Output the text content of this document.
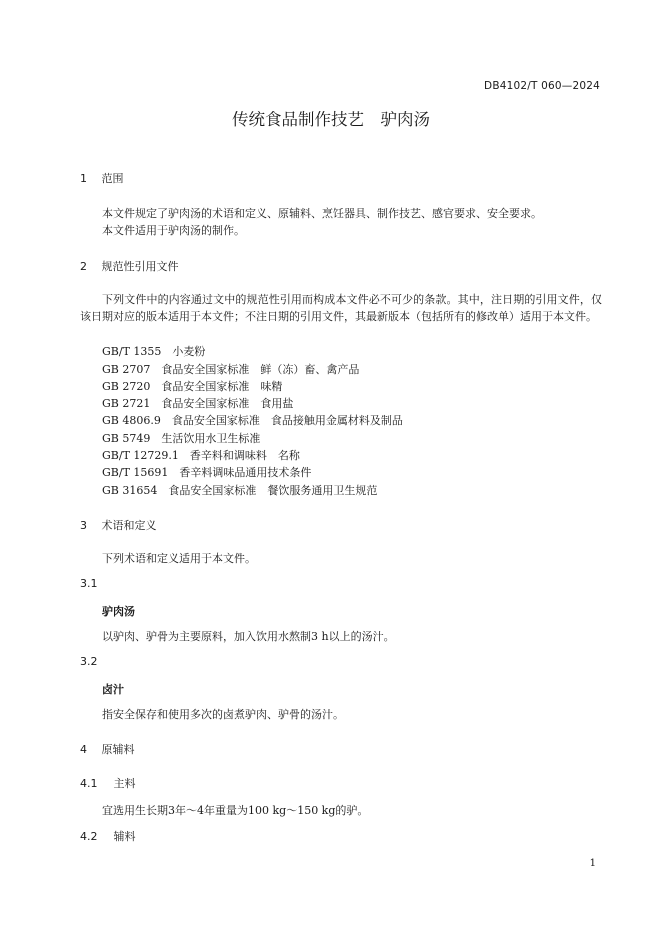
DB4102/T 060—2024
传统食品制作技艺　驴肉汤
1 范围
本文件规定了驴肉汤的术语和定义、原辅料、烹饪器具、制作技艺、感官要求、安全要求。
本文件适用于驴肉汤的制作。
2 规范性引用文件
下列文件中的内容通过文中的规范性引用而构成本文件必不可少的条款。其中，注日期的引用文件，仅该日期对应的版本适用于本文件；不注日期的引用文件，其最新版本（包括所有的修改单）适用于本文件。
GB/T 1355　小麦粉
GB 2707　食品安全国家标准　鲜（冻）畜、禽产品
GB 2720　食品安全国家标准　味精
GB 2721　食品安全国家标准　食用盐
GB 4806.9　食品安全国家标准　食品接触用金属材料及制品
GB 5749　生活饮用水卫生标准
GB/T 12729.1　香辛料和调味料　名称
GB/T 15691　香辛料调味品通用技术条件
GB 31654　食品安全国家标准　餐饮服务通用卫生规范
3 术语和定义
下列术语和定义适用于本文件。
3.1
驴肉汤
以驴肉、驴骨为主要原料，加入饮用水熬制3 h以上的汤汁。
3.2
卤汁
指安全保存和使用多次的卤煮驴肉、驴骨的汤汁。
4 原辅料
4.1 主料
宜选用生长期3年～4年重量为100 kg～150 kg的驴。
4.2 辅料
1
